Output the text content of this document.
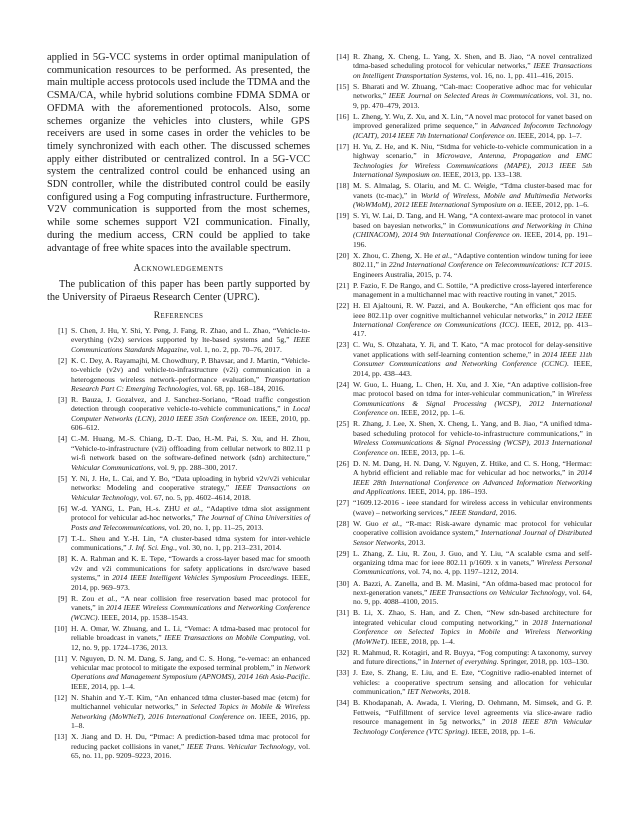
applied in 5G-VCC systems in order optimal manipulation of communication resources to be performed. As presented, the main multiple access protocols used include the TDMA and the CSMA/CA, while hybrid solutions combine FDMA SDMA or OFDMA with the aforementioned protocols. Also, some schemes organize the vehicles into clusters, while GPS receivers are used in some cases in order the vehicles to be timely synchronized with each other. The discussed schemes apply either distributed or centralized control. In a 5G-VCC system the centralized control could be enhanced using an SDN controller, while the distributed control could be easily configured using a Fog computing infrastructure. Furthermore, V2V communication is supported from the most schemes, while some schemes support V2I communication. Finally, during the medium access, CRN could be applied to take advantage of free white spaces into the available spectrum.

Acknowledgements

The publication of this paper has been partly supported by the University of Piraeus Research Center (UPRC).

References
[1] S. Chen, J. Hu, Y. Shi, Y. Peng, J. Fang, R. Zhao, and L. Zhao, “Vehicle-to-everything (v2x) services supported by lte-based systems and 5g,” IEEE Communications Standards Magazine, vol. 1, no. 2, pp. 70–76, 2017.
[2] K. C. Dey, A. Rayamajhi, M. Chowdhury, P. Bhavsar, and J. Martin, “Vehicle-to-vehicle (v2v) and vehicle-to-infrastructure (v2i) communication in a heterogeneous wireless network–performance evaluation,” Transportation Research Part C: Emerging Technologies, vol. 68, pp. 168–184, 2016.
[3] R. Bauza, J. Gozalvez, and J. Sanchez-Soriano, “Road traffic congestion detection through cooperative vehicle-to-vehicle communications,” in Local Computer Networks (LCN), 2010 IEEE 35th Conference on. IEEE, 2010, pp. 606–612.
[4] C.-M. Huang, M.-S. Chiang, D.-T. Dao, H.-M. Pai, S. Xu, and H. Zhou, “Vehicle-to-infrastructure (v2i) offloading from cellular network to 802.11 p wi-fi network based on the software-defined network (sdn) architecture,” Vehicular Communications, vol. 9, pp. 288–300, 2017.
[5] Y. Ni, J. He, L. Cai, and Y. Bo, “Data uploading in hybrid v2v/v2i vehicular networks: Modeling and cooperative strategy,” IEEE Transactions on Vehicular Technology, vol. 67, no. 5, pp. 4602–4614, 2018.
[6] W.-d. YANG, L. Pan, H.-s. ZHU et al., “Adaptive tdma slot assignment protocol for vehicular ad-hoc networks,” The Journal of China Universities of Posts and Telecommunications, vol. 20, no. 1, pp. 11–25, 2013.
[7] T.-L. Sheu and Y.-H. Lin, “A cluster-based tdma system for inter-vehicle communications,” J. Inf. Sci. Eng., vol. 30, no. 1, pp. 213–231, 2014.
[8] K. A. Rahman and K. E. Tepe, “Towards a cross-layer based mac for smooth v2v and v2i communications for safety applications in dsrc/wave based systems,” in 2014 IEEE Intelligent Vehicles Symposium Proceedings. IEEE, 2014, pp. 969–973.
[9] R. Zou et al., “A near collision free reservation based mac protocol for vanets,” in 2014 IEEE Wireless Communications and Networking Conference (WCNC). IEEE, 2014, pp. 1538–1543.
[10] H. A. Omar, W. Zhuang, and L. Li, “Vemac: A tdma-based mac protocol for reliable broadcast in vanets,” IEEE Transactions on Mobile Computing, vol. 12, no. 9, pp. 1724–1736, 2013.
[11] V. Nguyen, D. N. M. Dang, S. Jang, and C. S. Hong, “e-vemac: an enhanced vehicular mac protocol to mitigate the exposed terminal problem,” in Network Operations and Management Symposium (APNOMS), 2014 16th Asia-Pacific. IEEE, 2014, pp. 1–4.
[12] N. Shahin and Y.-T. Kim, “An enhanced tdma cluster-based mac (etcm) for multichannel vehicular networks,” in Selected Topics in Mobile & Wireless Networking (MoWNeT), 2016 International Conference on. IEEE, 2016, pp. 1–8.
[13] X. Jiang and D. H. Du, “Ptmac: A prediction-based tdma mac protocol for reducing packet collisions in vanet,” IEEE Trans. Vehicular Technology, vol. 65, no. 11, pp. 9209–9223, 2016.
[14] R. Zhang, X. Cheng, L. Yang, X. Shen, and B. Jiao, “A novel centralized tdma-based scheduling protocol for vehicular networks,” IEEE Transactions on Intelligent Transportation Systems, vol. 16, no. 1, pp. 411–416, 2015.
[15] S. Bharati and W. Zhuang, “Cah-mac: Cooperative adhoc mac for vehicular networks,” IEEE Journal on Selected Areas in Communications, vol. 31, no. 9, pp. 470–479, 2013.
[16] L. Zheng, Y. Wu, Z. Xu, and X. Lin, “A novel mac protocol for vanet based on improved generalized prime sequence,” in Advanced Infocomm Technology (ICAIT), 2014 IEEE 7th International Conference on. IEEE, 2014, pp. 1–7.
[17] H. Yu, Z. He, and K. Niu, “Stdma for vehicle-to-vehicle communication in a highway scenario,” in Microwave, Antenna, Propagation and EMC Technologies for Wireless Communications (MAPE), 2013 IEEE 5th International Symposium on. IEEE, 2013, pp. 133–138.
[18] M. S. Almalag, S. Olariu, and M. C. Weigle, “Tdma cluster-based mac for vanets (tc-mac),” in World of Wireless, Mobile and Multimedia Networks (WoWMoM), 2012 IEEE International Symposium on a. IEEE, 2012, pp. 1–6.
[19] S. Yi, W. Lai, D. Tang, and H. Wang, “A context-aware mac protocol in vanet based on bayesian networks,” in Communications and Networking in China (CHINACOM), 2014 9th International Conference on. IEEE, 2014, pp. 191–196.
[20] X. Zhou, C. Zheng, X. He et al., “Adaptive contention window tuning for ieee 802.11,” in 22nd International Conference on Telecommunications: ICT 2015. Engineers Australia, 2015, p. 74.
[21] P. Fazio, F. De Rango, and C. Sottile, “A predictive cross-layered interference management in a multichannel mac with reactive routing in vanet,” 2015.
[22] H. El Ajaltouni, R. W. Pazzi, and A. Boukerche, “An efficient qos mac for ieee 802.11p over cognitive multichannel vehicular networks,” in 2012 IEEE International Conference on Communications (ICC). IEEE, 2012, pp. 413–417.
[23] C. Wu, S. Ohzahata, Y. Ji, and T. Kato, “A mac protocol for delay-sensitive vanet applications with self-learning contention scheme,” in 2014 IEEE 11th Consumer Communications and Networking Conference (CCNC). IEEE, 2014, pp. 438–443.
[24] W. Guo, L. Huang, L. Chen, H. Xu, and J. Xie, “An adaptive collision-free mac protocol based on tdma for inter-vehicular communication,” in Wireless Communications & Signal Processing (WCSP), 2012 International Conference on. IEEE, 2012, pp. 1–6.
[25] R. Zhang, J. Lee, X. Shen, X. Cheng, L. Yang, and B. Jiao, “A unified tdma-based scheduling protocol for vehicle-to-infrastructure communications,” in Wireless Communications & Signal Processing (WCSP), 2013 International Conference on. IEEE, 2013, pp. 1–6.
[26] D. N. M. Dang, H. N. Dang, V. Nguyen, Z. Htike, and C. S. Hong, “Hermac: A hybrid efficient and reliable mac for vehicular ad hoc networks,” in 2014 IEEE 28th International Conference on Advanced Information Networking and Applications. IEEE, 2014, pp. 186–193.
[27] “1609.12-2016 - ieee standard for wireless access in vehicular environments (wave) – networking services,” IEEE Standard, 2016.
[28] W. Guo et al., “R-mac: Risk-aware dynamic mac protocol for vehicular cooperative collision avoidance system,” International Journal of Distributed Sensor Networks, 2013.
[29] L. Zhang, Z. Liu, R. Zou, J. Guo, and Y. Liu, “A scalable csma and self-organizing tdma mac for ieee 802.11 p/1609. x in vanets,” Wireless Personal Communications, vol. 74, no. 4, pp. 1197–1212, 2014.
[30] A. Bazzi, A. Zanella, and B. M. Masini, “An ofdma-based mac protocol for next-generation vanets,” IEEE Transactions on Vehicular Technology, vol. 64, no. 9, pp. 4088–4100, 2015.
[31] B. Li, X. Zhao, S. Han, and Z. Chen, “New sdn-based architecture for integrated vehicular cloud computing networking,” in 2018 International Conference on Selected Topics in Mobile and Wireless Networking (MoWNeT). IEEE, 2018, pp. 1–4.
[32] R. Mahmud, R. Kotagiri, and R. Buyya, “Fog computing: A taxonomy, survey and future directions,” in Internet of everything. Springer, 2018, pp. 103–130.
[33] J. Eze, S. Zhang, E. Liu, and E. Eze, “Cognitive radio-enabled internet of vehicles: a cooperative spectrum sensing and allocation for vehicular communication,” IET Networks, 2018.
[34] B. Khodapanah, A. Awada, I. Viering, D. Oehmann, M. Simsek, and G. P. Fettweis, “Fulfillment of service level agreements via slice-aware radio resource management in 5g networks,” in 2018 IEEE 87th Vehicular Technology Conference (VTC Spring). IEEE, 2018, pp. 1–6.
